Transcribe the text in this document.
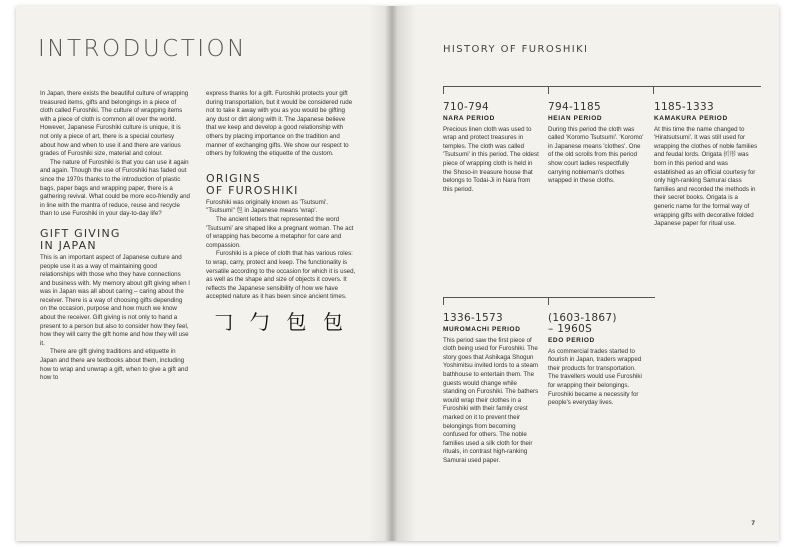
INTRODUCTION

In Japan, there exists the beautiful culture of wrapping treasured items, gifts and belongings in a piece of cloth called Furoshiki. The culture of wrapping items with a piece of cloth is common all over the world. However, Japanese Furoshiki culture is unique, it is not only a piece of art, there is a special courtesy about how and when to use it and there are various grades of Furoshiki size, material and colour.

The nature of Furoshiki is that you can use it again and again. Though the use of Furoshiki has faded out since the 1970s thanks to the introduction of plastic bags, paper bags and wrapping paper, there is a gathering revival. What could be more eco-friendly and in line with the mantra of reduce, reuse and recycle than to use Furoshiki in your day-to-day life?

GIFT GIVING
IN JAPAN

This is an important aspect of Japanese culture and people use it as a way of maintaining good relationships with those who they have connections and business with. My memory about gift giving when I was in Japan was all about caring – caring about the receiver. There is a way of choosing gifts depending on the occasion, purpose and how much we know about the receiver. Gift giving is not only to hand a present to a person but also to consider how they feel, how they will carry the gift home and how they will use it.

There are gift giving traditions and etiquette in Japan and there are textbooks about them, including how to wrap and unwrap a gift, when to give a gift and how to

express thanks for a gift. Furoshiki protects your gift during transportation, but it would be considered rude not to take it away with you as you would be gifting any dust or dirt along with it. The Japanese believe that we keep and develop a good relationship with others by placing importance on the tradition and manner of exchanging gifts. We show our respect to others by following the etiquette of the custom.

ORIGINS
OF FUROSHIKI

Furoshiki was originally known as 'Tsutsumi'. "Tsutsumi" 包 in Japanese means 'wrap'.

The ancient letters that represented the word 'Tsutsumi' are shaped like a pregnant woman. The act of wrapping has become a metaphor for care and compassion.

Furoshiki is a piece of cloth that has various roles: to wrap, carry, protect and keep. The functionality is versatile according to the occasion for which it is used, as well as the shape and size of objects it covers. It reflects the Japanese sensibility of how we have accepted nature as it has been since ancient times.

𠃌 勹 包 包
HISTORY OF FUROSHIKI
710-794
NARA PERIOD

Precious linen cloth was used to wrap and protect treasures in temples. The cloth was called 'Tsutsumi' in this period. The oldest piece of wrapping cloth is held in the Shoso-in treasure house that belongs to Todai-Ji in Nara from this period.

794-1185
HEIAN PERIOD

During this period the cloth was called 'Koromo Tsutsumi'. 'Koromo' in Japanese means 'clothes'. One of the old scrolls from this period show court ladies respectfully carrying nobleman's clothes wrapped in these cloths.

1185-1333
KAMAKURA PERIOD

At this time the name changed to 'Hiratsutsumi'. It was still used for wrapping the clothes of noble families and feudal lords. Origata 折形 was born in this period and was established as an official courtesy for only high-ranking Samurai class families and recorded the methods in their secret books. Origata is a generic name for the formal way of wrapping gifts with decorative folded Japanese paper for ritual use.

1336-1573
MUROMACHI PERIOD

This period saw the first piece of cloth being used for Furoshiki. The story goes that Ashikaga Shogun Yoshimitsu invited lords to a steam bathhouse to entertain them. The guests would change while standing on Furoshiki. The bathers would wrap their clothes in a Furoshiki with their family crest marked on it to prevent their belongings from becoming confused for others. The noble families used a silk cloth for their rituals, in contrast high-ranking Samurai used paper.

(1603-1867)
– 1960S
EDO PERIOD

As commercial trades started to flourish in Japan, traders wrapped their products for transportation. The travellers would use Furoshiki for wrapping their belongings. Furoshiki became a necessity for people's everyday lives.

7
